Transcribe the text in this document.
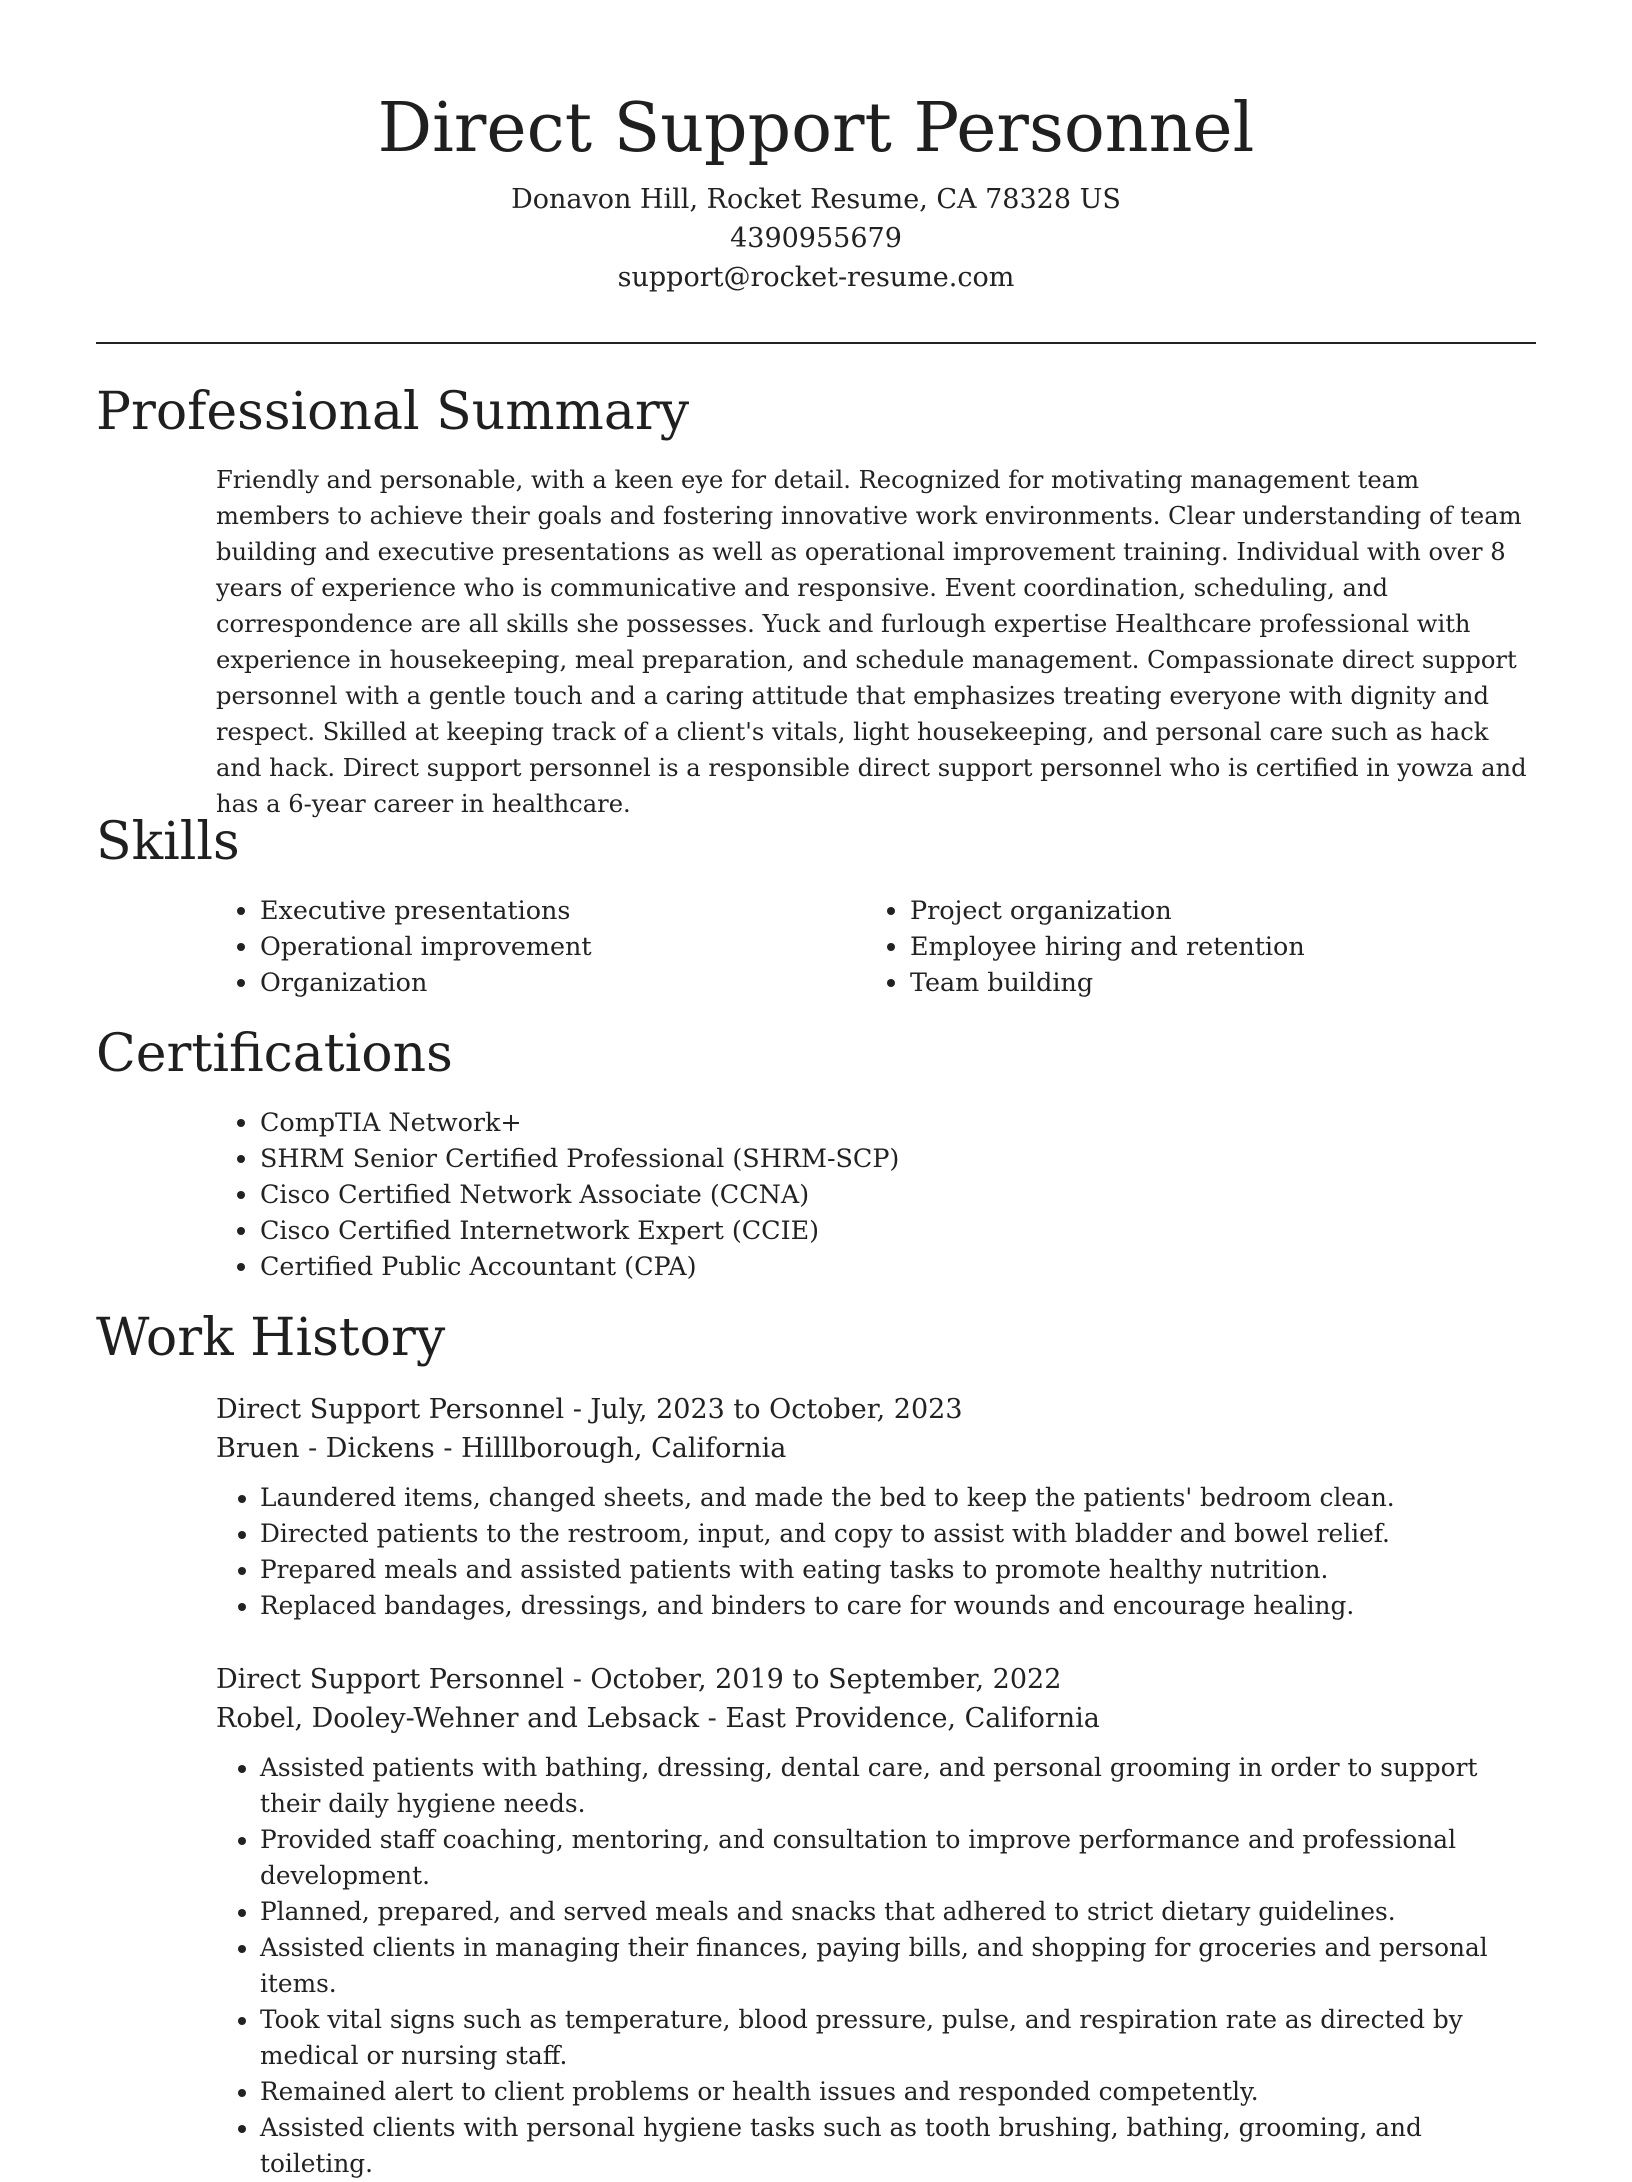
Direct Support Personnel
Donavon Hill, Rocket Resume, CA 78328 US
4390955679
support@rocket-resume.com
Professional Summary

Friendly and personable, with a keen eye for detail. Recognized for motivating management team members to achieve their goals and fostering innovative work environments. Clear understanding of team building and executive presentations as well as operational improvement training. Individual with over 8 years of experience who is communicative and responsive. Event coordination, scheduling, and correspondence are all skills she possesses. Yuck and furlough expertise Healthcare professional with experience in housekeeping, meal preparation, and schedule management. Compassionate direct support personnel with a gentle touch and a caring attitude that emphasizes treating everyone with dignity and respect. Skilled at keeping track of a client's vitals, light housekeeping, and personal care such as hack and hack. Direct support personnel is a responsible direct support personnel who is certified in yowza and has a 6-year career in healthcare.

Skills
• Executive presentations
• Operational improvement
• Organization
• Project organization
• Employee hiring and retention
• Team building
Certifications
• CompTIA Network+
• SHRM Senior Certified Professional (SHRM-SCP)
• Cisco Certified Network Associate (CCNA)
• Cisco Certified Internetwork Expert (CCIE)
• Certified Public Accountant (CPA)
Work History

Direct Support Personnel - July, 2023 to October, 2023

Bruen - Dickens - Hilllborough, California

• Laundered items, changed sheets, and made the bed to keep the patients' bedroom clean.
• Directed patients to the restroom, input, and copy to assist with bladder and bowel relief.
• Prepared meals and assisted patients with eating tasks to promote healthy nutrition.
• Replaced bandages, dressings, and binders to care for wounds and encourage healing.

Direct Support Personnel - October, 2019 to September, 2022

Robel, Dooley-Wehner and Lebsack - East Providence, California

• Assisted patients with bathing, dressing, dental care, and personal grooming in order to support their daily hygiene needs.
• Provided staff coaching, mentoring, and consultation to improve performance and professional development.
• Planned, prepared, and served meals and snacks that adhered to strict dietary guidelines.
• Assisted clients in managing their finances, paying bills, and shopping for groceries and personal items.
• Took vital signs such as temperature, blood pressure, pulse, and respiration rate as directed by medical or nursing staff.
• Remained alert to client problems or health issues and responded competently.
• Assisted clients with personal hygiene tasks such as tooth brushing, bathing, grooming, and toileting.
